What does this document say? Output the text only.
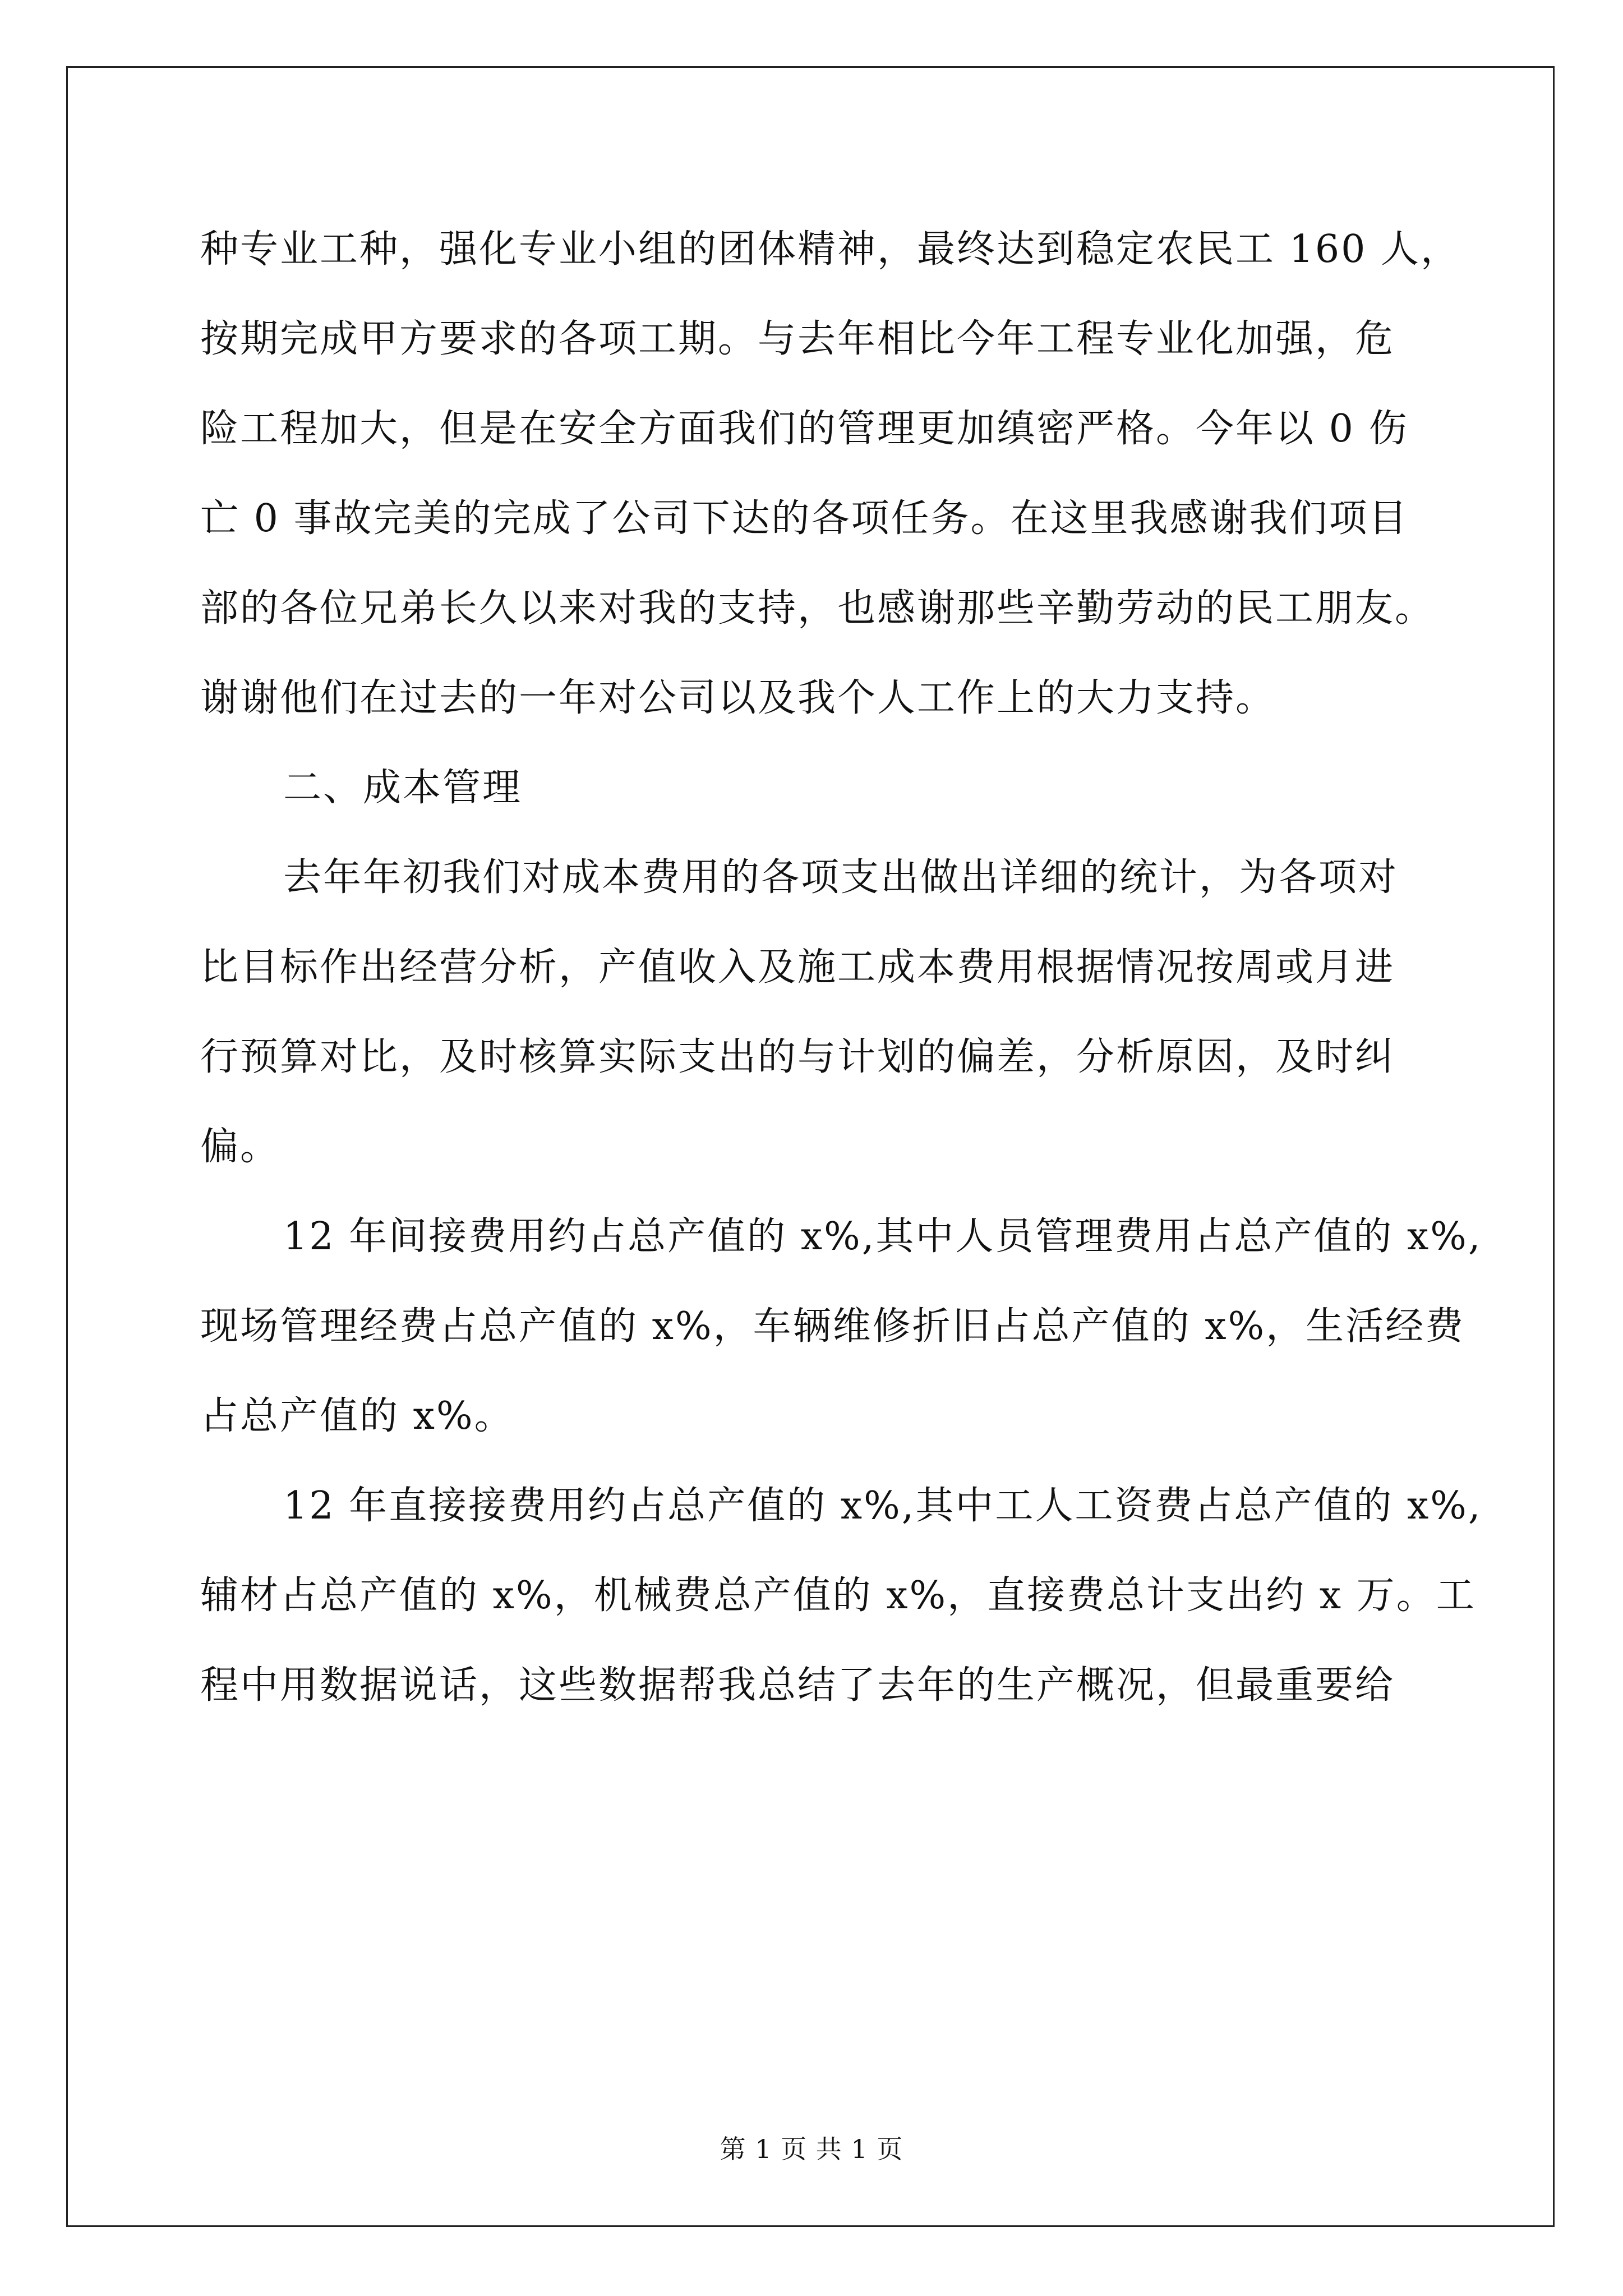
种专业工种，强化专业小组的团体精神，最终达到稳定农民工 160 人，
按期完成甲方要求的各项工期。与去年相比今年工程专业化加强，危
险工程加大，但是在安全方面我们的管理更加缜密严格。今年以 0 伤
亡 0 事故完美的完成了公司下达的各项任务。在这里我感谢我们项目
部的各位兄弟长久以来对我的支持，也感谢那些辛勤劳动的民工朋友。
谢谢他们在过去的一年对公司以及我个人工作上的大力支持。
二、成本管理
去年年初我们对成本费用的各项支出做出详细的统计，为各项对
比目标作出经营分析，产值收入及施工成本费用根据情况按周或月进
行预算对比，及时核算实际支出的与计划的偏差，分析原因，及时纠
偏。
12 年间接费用约占总产值的 x%,其中人员管理费用占总产值的 x%,
现场管理经费占总产值的 x%，车辆维修折旧占总产值的 x%，生活经费
占总产值的 x%。
12 年直接接费用约占总产值的 x%,其中工人工资费占总产值的 x%,
辅材占总产值的 x%，机械费总产值的 x%，直接费总计支出约 x 万。工
程中用数据说话，这些数据帮我总结了去年的生产概况，但最重要给
第 1 页 共 1 页
